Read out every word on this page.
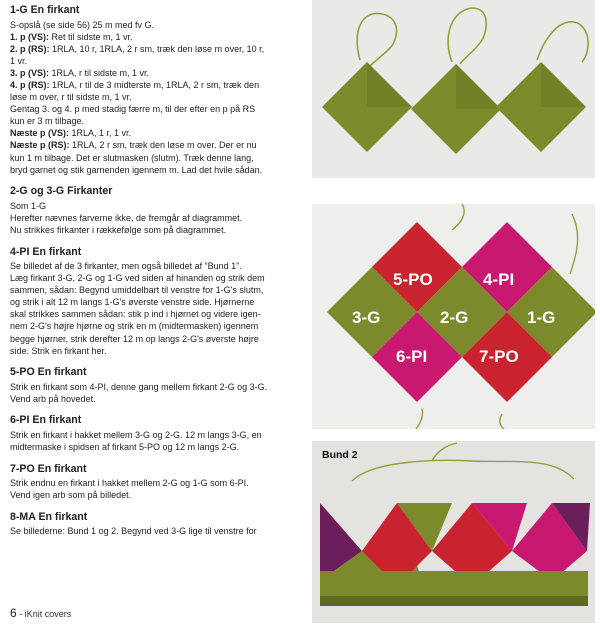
1-G En firkant
S-opslå (se side 56) 25 m med fv G.
1. p (VS): Ret til sidste m, 1 vr.
2. p (RS): 1RLA, 10 r, 1RLA, 2 r sm, træk den løse m over, 10 r,
1 vr.
3. p (VS): 1RLA, r til sidste m, 1 vr.
4. p (RS): 1RLA, r til de 3 midterste m, 1RLA, 2 r sm, træk den
løse m over, r til sidste m, 1 vr.
Gentag 3. og 4. p med stadig færre m, til der efter en p på RS
kun er 3 m tilbage.
Næste p (VS): 1RLA, 1 r, 1 vr.
Næste p (RS): 1RLA, 2 r sm, træk den løse m over. Der er nu
kun 1 m tilbage. Det er slutmasken (slutm). Træk denne lang,
bryd garnet og stik garnenden igennem m. Lad det hvile sådan.
2-G og 3-G Firkanter
Som 1-G
Herefter nævnes farverne ikke, de fremgår af diagrammet.
Nu strikkes firkanter i rækkefølge som på diagrammet.
4-PI En firkant
Se billedet af de 3 firkanter, men også billedet af “Bund 1”.
Læg firkant 3-G, 2-G og 1-G ved siden af hinanden og strik dem
sammen, sådan: Begynd umiddelbart til venstre for 1-G's slutm,
og strik i alt 12 m langs 1-G's øverste venstre side. Hjørnerne
skal strikkes sammen sådan: stik p ind i hjørnet og videre igen-
nem 2-G's højre hjørne og strik en m (midtermasken) igennem
begge hjørner, strik derefter 12 m op langs 2-G's øverste højre
side. Strik en firkant her.
5-PO En firkant
Strik en firkant som 4-PI, denne gang mellem firkant 2-G og 3-G.
Vend arb på hovedet.
6-PI En firkant
Strik en firkant i hakket mellem 3-G og 2-G. 12 m langs 3-G, en
midtermaske i spidsen af firkant 5-PO og 12 m langs 2-G.
7-PO En firkant
Strik endnu en firkant i hakket mellem 2-G og 1-G som 6-PI.
Vend igen arb som på billedet.
8-MA En firkant
Se billederne: Bund 1 og 2. Begynd ved 3-G lige til venstre for
5-PO	4-PI
3-G	2-G	1-G
6-PI	7-PO
Bund 2
6 - iKnit covers
